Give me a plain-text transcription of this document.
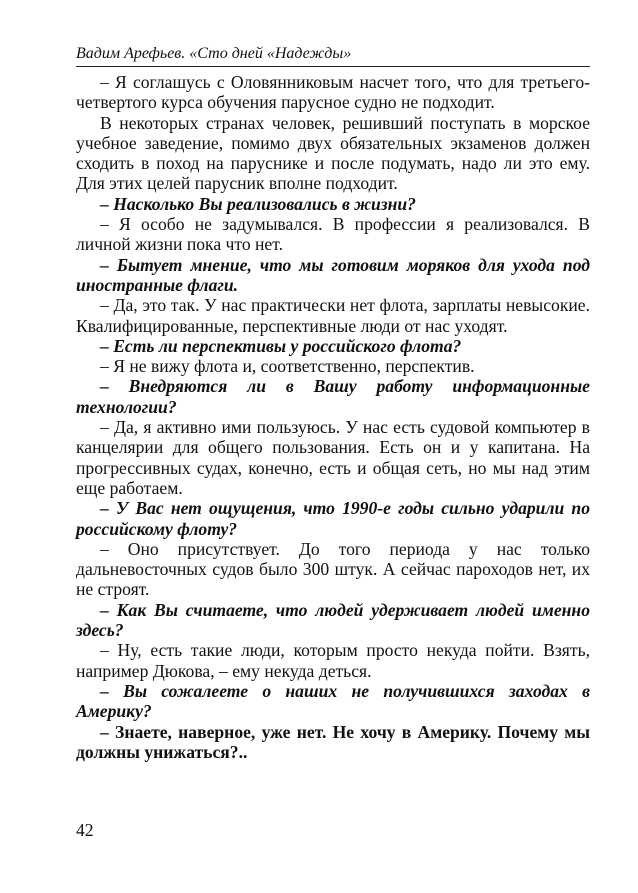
Вадим Арефьев. «Сто дней «Надежды»

– Я соглашусь с Оловянниковым насчет того, что для третьего-четвертого курса обучения парусное судно не подходит.

В некоторых странах человек, решивший поступать в морское учебное заведение, помимо двух обязательных экзаменов должен сходить в поход на паруснике и после подумать, надо ли это ему. Для этих целей парусник вполне подходит.

– Насколько Вы реализовались в жизни?

– Я особо не задумывался. В профессии я реализовался. В личной жизни пока что нет.

– Бытует мнение, что мы готовим моряков для ухода под иностранные флаги.

– Да, это так. У нас практически нет флота, зарплаты невысокие. Квалифицированные, перспективные люди от нас уходят.

– Есть ли перспективы у российского флота?

– Я не вижу флота и, соответственно, перспектив.

– Внедряются ли в Вашу работу информационные технологии?

– Да, я активно ими пользуюсь. У нас есть судовой компьютер в канцелярии для общего пользования. Есть он и у капитана. На прогрессивных судах, конечно, есть и общая сеть, но мы над этим еще работаем.

– У Вас нет ощущения, что 1990-е годы сильно ударили по российскому флоту?

– Оно присутствует. До того периода у нас только дальневосточных судов было 300 штук. А сейчас пароходов нет, их не строят.

– Как Вы считаете, что людей удерживает людей именно здесь?

– Ну, есть такие люди, которым просто некуда пойти. Взять, например Дюкова, – ему некуда деться.

– Вы сожалеете о наших не получившихся заходах в Америку?

– Знаете, наверное, уже нет. Не хочу в Америку. Почему мы должны унижаться?..

42
